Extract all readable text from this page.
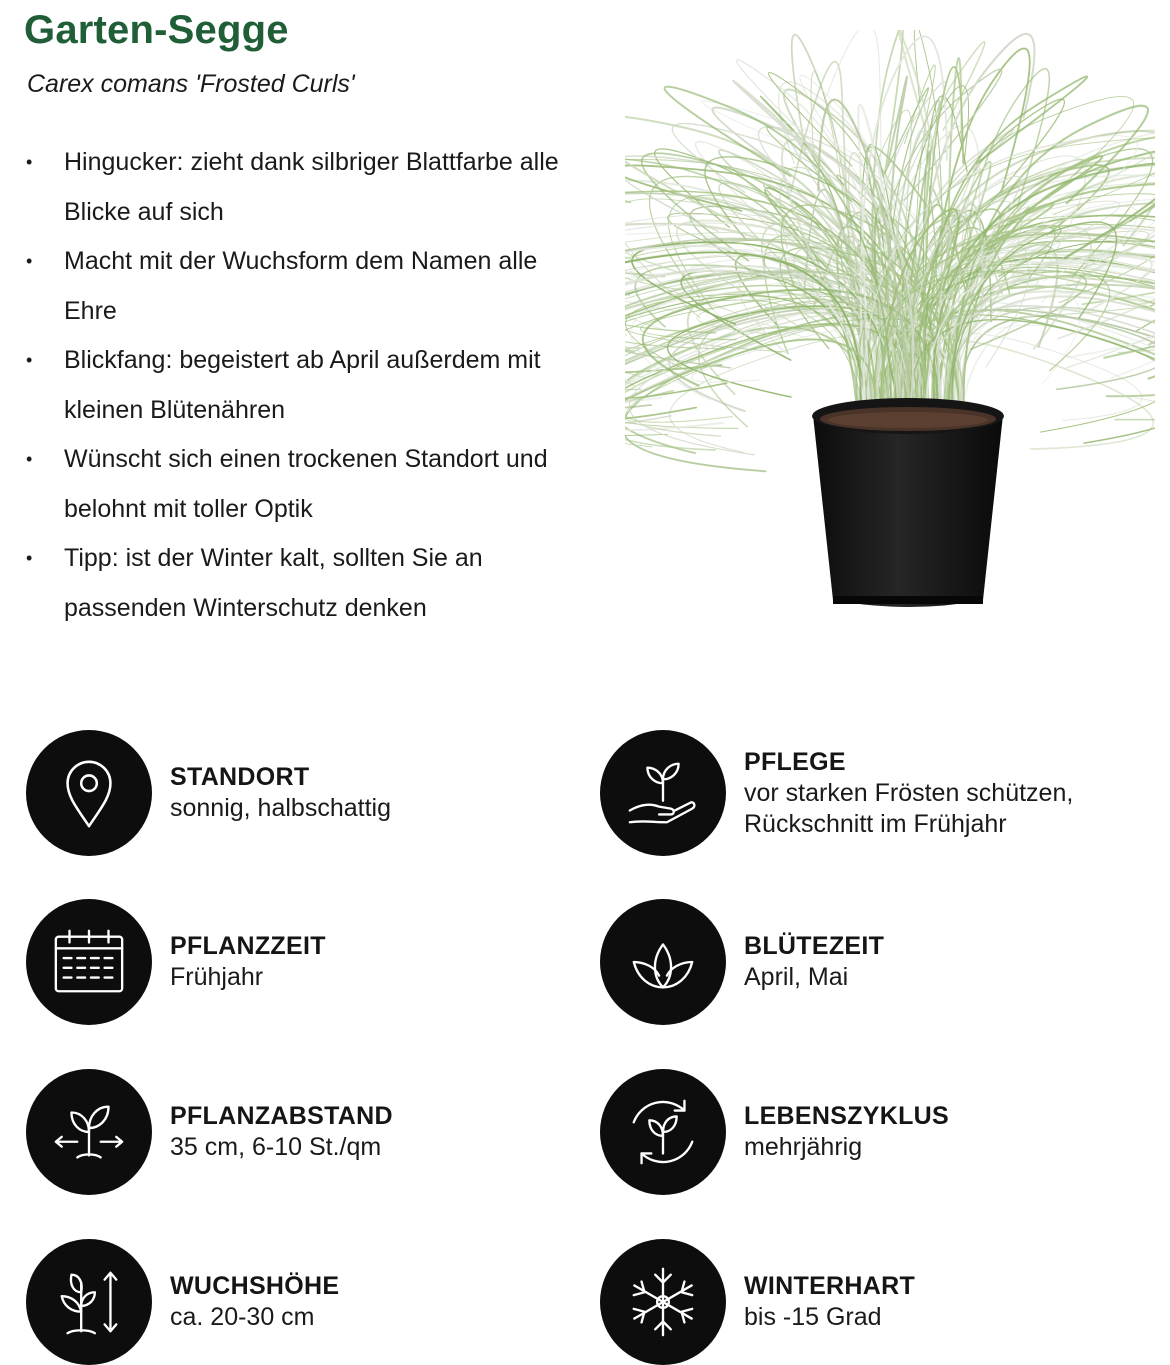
Garten-Segge
Carex comans 'Frosted Curls'
• Hingucker: zieht dank silbriger Blattfarbe alle Blicke auf sich
• Macht mit der Wuchsform dem Namen alle Ehre
• Blickfang: begeistert ab April außerdem mit kleinen Blütenähren
• Wünscht sich einen trockenen Standort und belohnt mit toller Optik
• Tipp: ist der Winter kalt, sollten Sie an passenden Winterschutz denken
STANDORT
sonnig, halbschattig
PFLEGE
vor starken Frösten schützen,
Rückschnitt im Frühjahr
PFLANZZEIT
Frühjahr
BLÜTEZEIT
April, Mai
PFLANZABSTAND
35 cm, 6-10 St./qm
LEBENSZYKLUS
mehrjährig
WUCHSHÖHE
ca. 20-30 cm
WINTERHART
bis -15 Grad
